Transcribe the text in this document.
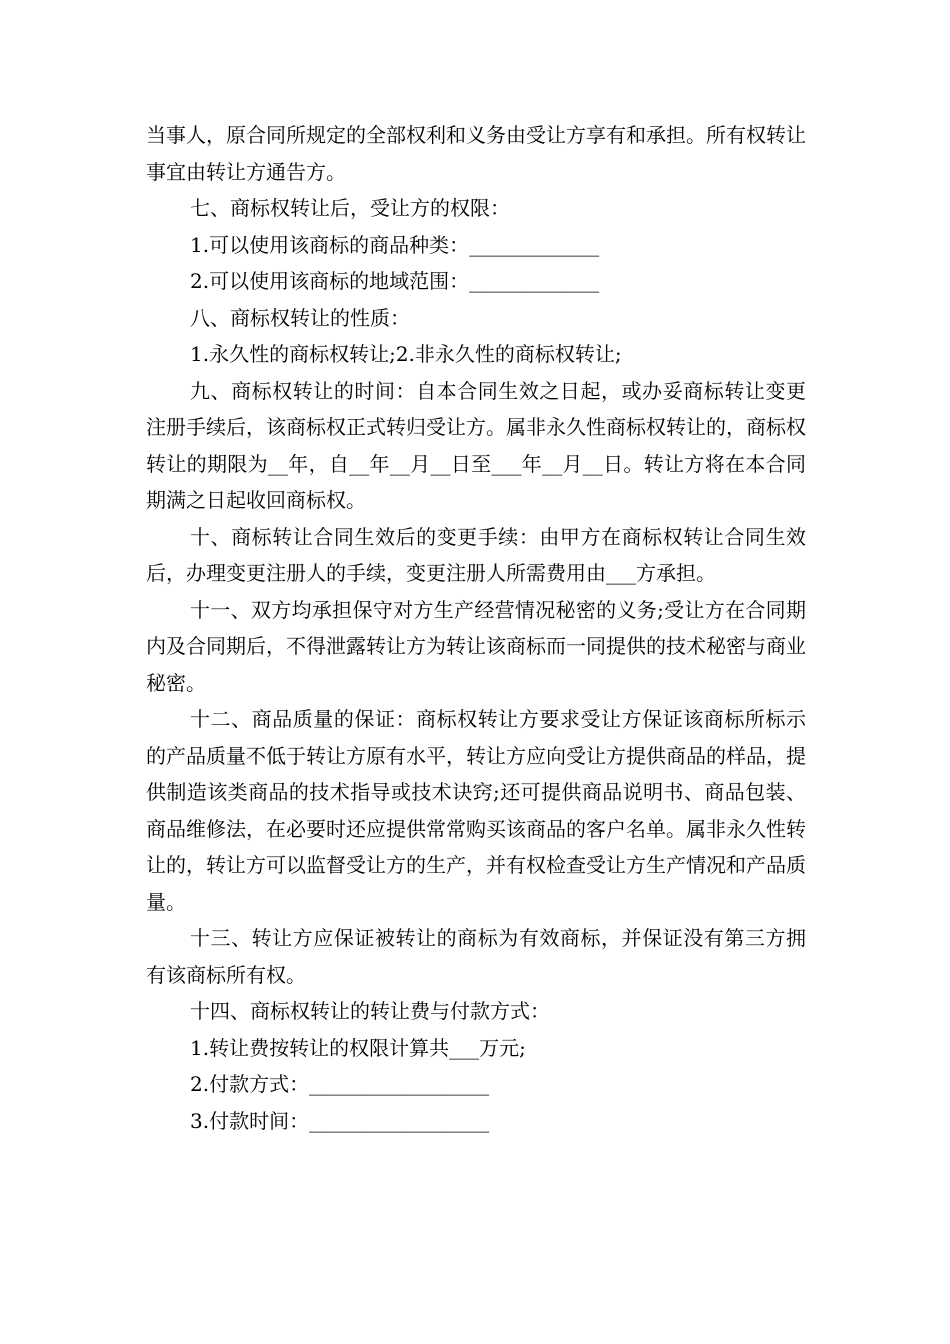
当事人，原合同所规定的全部权利和义务由受让方享有和承担。所有权转让事宜由转让方通告方。

七、商标权转让后，受让方的权限：

1.可以使用该商标的商品种类：_____________

2.可以使用该商标的地域范围：_____________

八、商标权转让的性质：

1.永久性的商标权转让;2.非永久性的商标权转让;

九、商标权转让的时间：自本合同生效之日起，或办妥商标转让变更注册手续后，该商标权正式转归受让方。属非永久性商标权转让的，商标权转让的期限为__年，自__年__月__日至___年__月__日。转让方将在本合同期满之日起收回商标权。

十、商标转让合同生效后的变更手续：由甲方在商标权转让合同生效后，办理变更注册人的手续，变更注册人所需费用由___方承担。

十一、双方均承担保守对方生产经营情况秘密的义务;受让方在合同期内及合同期后，不得泄露转让方为转让该商标而一同提供的技术秘密与商业秘密。

十二、商品质量的保证：商标权转让方要求受让方保证该商标所标示的产品质量不低于转让方原有水平，转让方应向受让方提供商品的样品，提供制造该类商品的技术指导或技术诀窍;还可提供商品说明书、商品包装、商品维修法，在必要时还应提供常常购买该商品的客户名单。属非永久性转让的，转让方可以监督受让方的生产，并有权检查受让方生产情况和产品质量。

十三、转让方应保证被转让的商标为有效商标，并保证没有第三方拥有该商标所有权。

十四、商标权转让的转让费与付款方式：

1.转让费按转让的权限计算共___万元;

2.付款方式：__________________

3.付款时间：__________________
